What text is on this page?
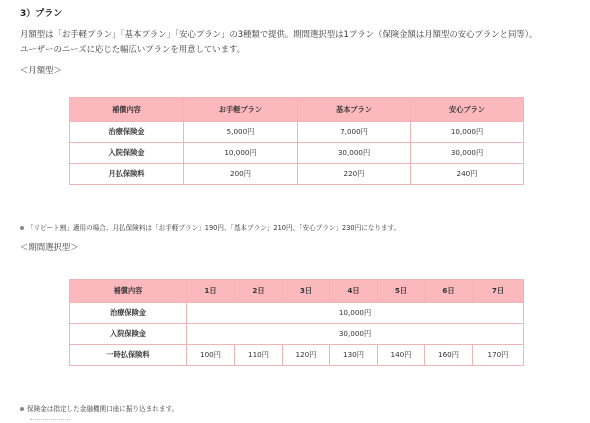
3）プラン
月額型は「お手軽プラン」「基本プラン」「安心プラン」の3種類で提供。期間選択型は1プラン（保険金額は月額型の安心プランと同等）。
ユーザーのニーズに応じた幅広いプランを用意しています。
＜月額型＞
補償内容	お手軽プラン	基本プラン	安心プラン
治療保険金	5,000円	7,000円	10,000円
入院保険金	10,000円	30,000円	30,000円
月払保険料	200円	220円	240円
「リピート割」適用の場合、月払保険料は「お手軽プラン」190円、「基本プラン」210円、「安心プラン」230円になります。
＜期間選択型＞
補償内容	1日	2日	3日	4日	5日	6日	7日
治療保険金	10,000円						
入院保険金	30,000円						
一時払保険料	100円	110円	120円	130円	140円	160円	170円
保険金は指定した金融機関口座に振り込まれます。
